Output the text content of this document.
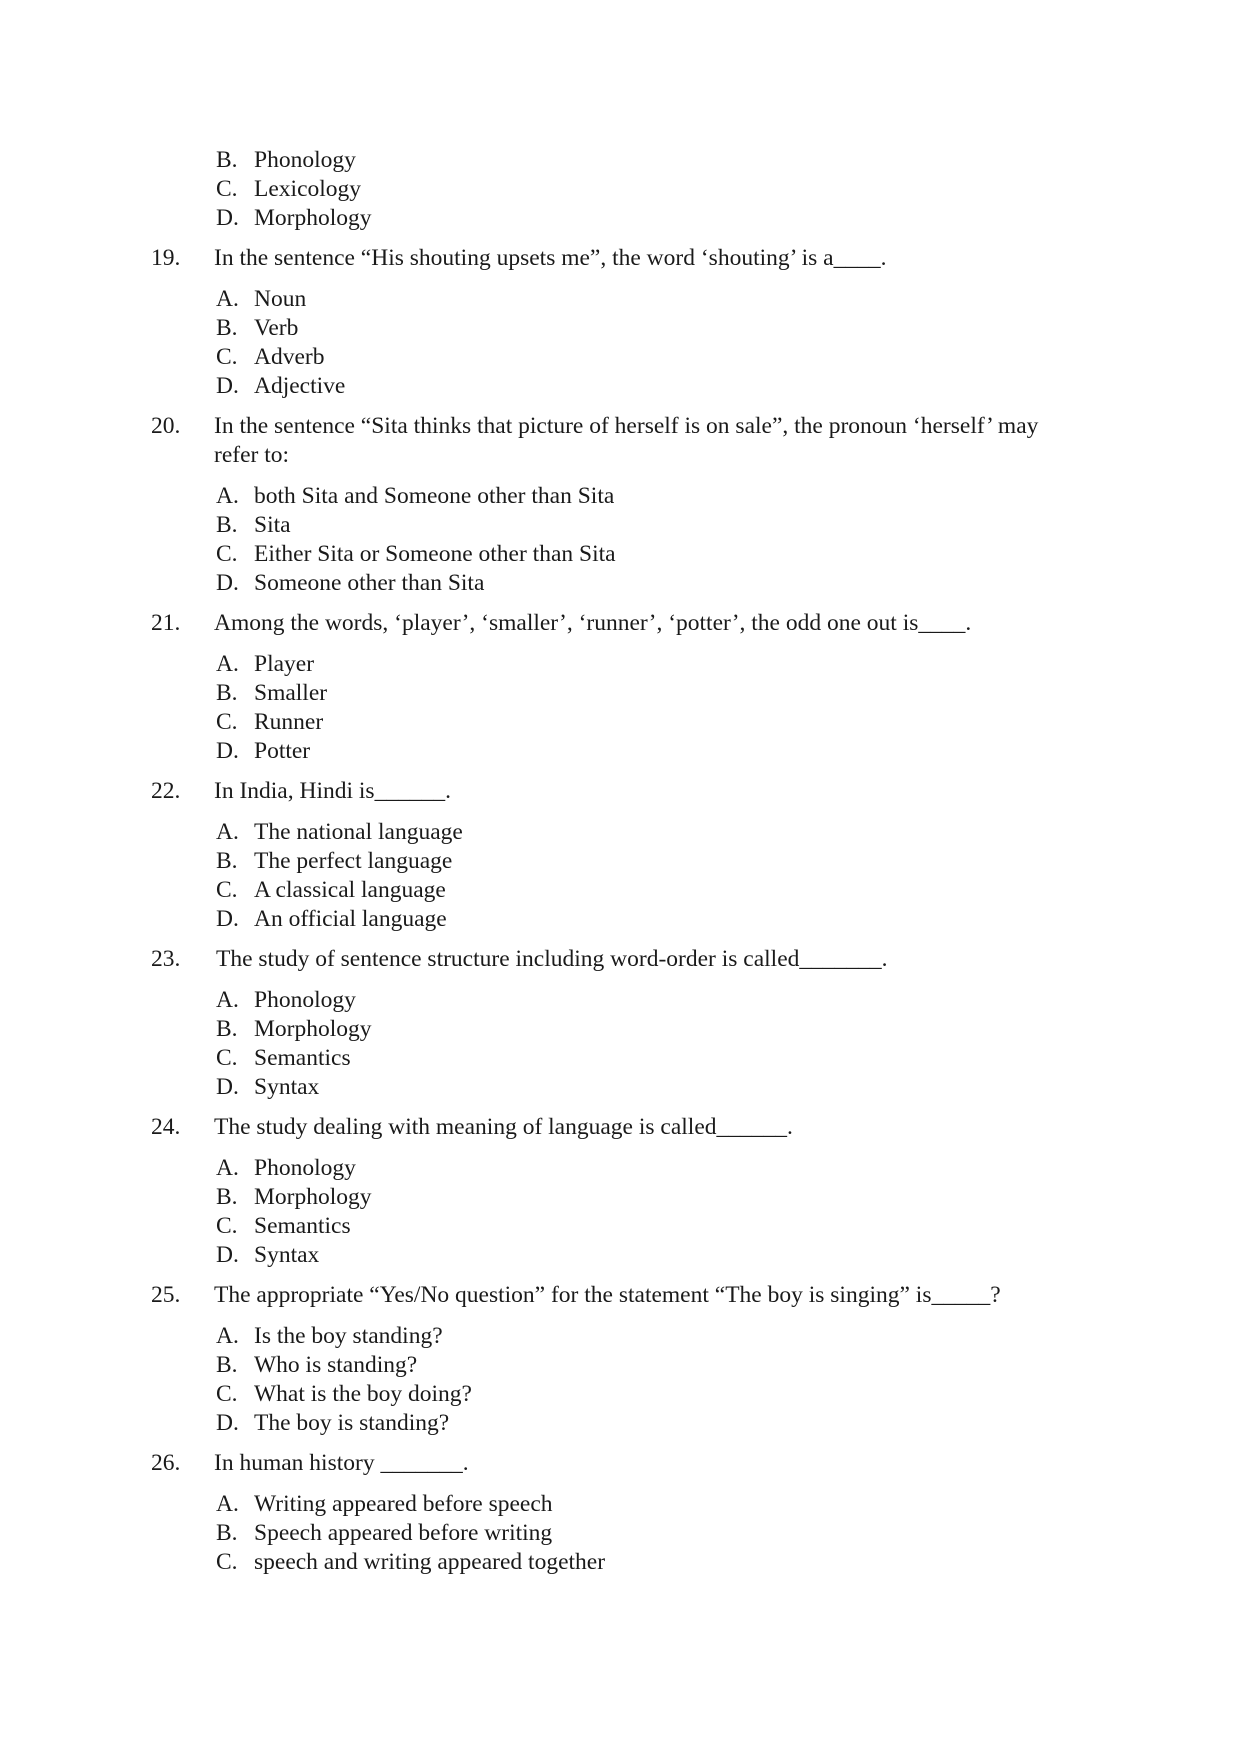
B. Phonology
C. Lexicology
D. Morphology
19. In the sentence “His shouting upsets me”, the word ‘shouting’ is a____.
A. Noun
B. Verb
C. Adverb
D. Adjective
20. In the sentence “Sita thinks that picture of herself is on sale”, the pronoun ‘herself’ may refer to:
A. both Sita and Someone other than Sita
B. Sita
C. Either Sita or Someone other than Sita
D. Someone other than Sita
21. Among the words, ‘player’, ‘smaller’, ‘runner’, ‘potter’, the odd one out is____.
A. Player
B. Smaller
C. Runner
D. Potter
22. In India, Hindi is______.
A. The national language
B. The perfect language
C. A classical language
D. An official language
23. The study of sentence structure including word-order is called_______.
A. Phonology
B. Morphology
C. Semantics
D. Syntax
24. The study dealing with meaning of language is called______.
A. Phonology
B. Morphology
C. Semantics
D. Syntax
25. The appropriate “Yes/No question” for the statement “The boy is singing” is_____?
A. Is the boy standing?
B. Who is standing?
C. What is the boy doing?
D. The boy is standing?
26. In human history _______.
A. Writing appeared before speech
B. Speech appeared before writing
C. speech and writing appeared together
